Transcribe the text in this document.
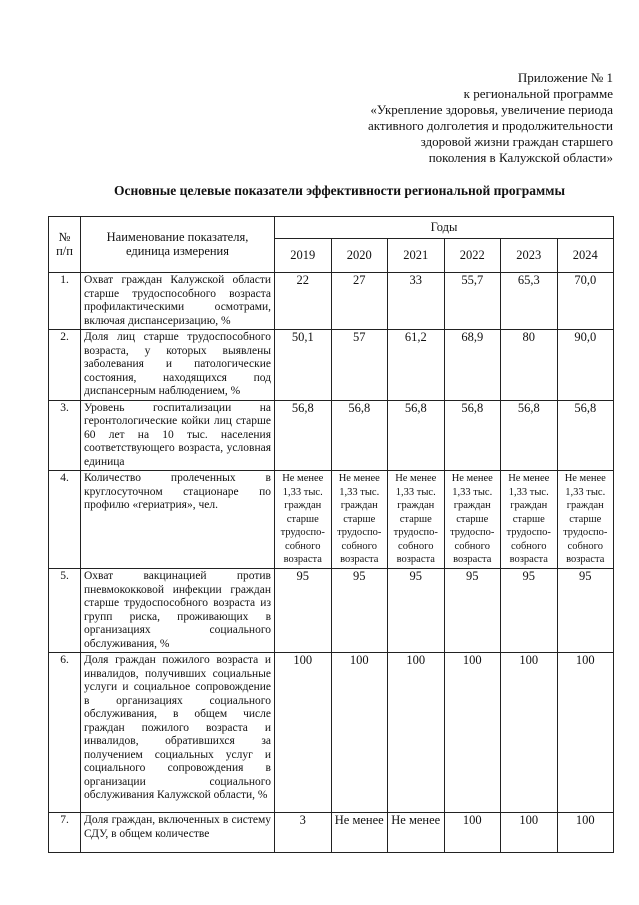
Приложение № 1
к региональной программе
«Укрепление здоровья, увеличение периода
активного долголетия и продолжительности
здоровой жизни граждан старшего
поколения в Калужской области»
Основные целевые показатели эффективности региональной программы
№ п/п	Наименование показателя, единица измерения	Годы					
		2019	2020	2021	2022	2023	2024
1.	Охват граждан Калужской области старше трудоспособного возраста профилактическими осмотрами, включая диспансеризацию, %	22	27	33	55,7	65,3	70,0
2.	Доля лиц старше трудоспособного возраста, у которых выявлены заболевания и патологические состояния, находящихся под диспансерным наблюдением, %	50,1	57	61,2	68,9	80	90,0
3.	Уровень госпитализации на геронтологические койки лиц старше 60 лет на 10 тыс. населения соответствующего возраста, условная единица	56,8	56,8	56,8	56,8	56,8	56,8
4.	Количество пролеченных в круглосуточном стационаре по профилю «гериатрия», чел.	Не менее 1,33 тыс. граждан старше трудоспо-собного возраста	Не менее 1,33 тыс. граждан старше трудоспо-собного возраста	Не менее 1,33 тыс. граждан старше трудоспо-собного возраста	Не менее 1,33 тыс. граждан старше трудоспо-собного возраста	Не менее 1,33 тыс. граждан старше трудоспо-собного возраста	Не менее 1,33 тыс. граждан старше трудоспо-собного возраста
5.	Охват вакцинацией против пневмококковой инфекции граждан старше трудоспособного возраста из групп риска, проживающих в организациях социального обслуживания, %	95	95	95	95	95	95
6.	Доля граждан пожилого возраста и инвалидов, получивших социальные услуги и социальное сопровождение в организациях социального обслуживания, в общем числе граждан пожилого возраста и инвалидов, обратившихся за получением социальных услуг и социального сопровождения в организации социального обслуживания Калужской области, %	100	100	100	100	100	100
7.	Доля граждан, включенных в систему СДУ, в общем количестве	3	Не менее	Не менее	100	100	100
